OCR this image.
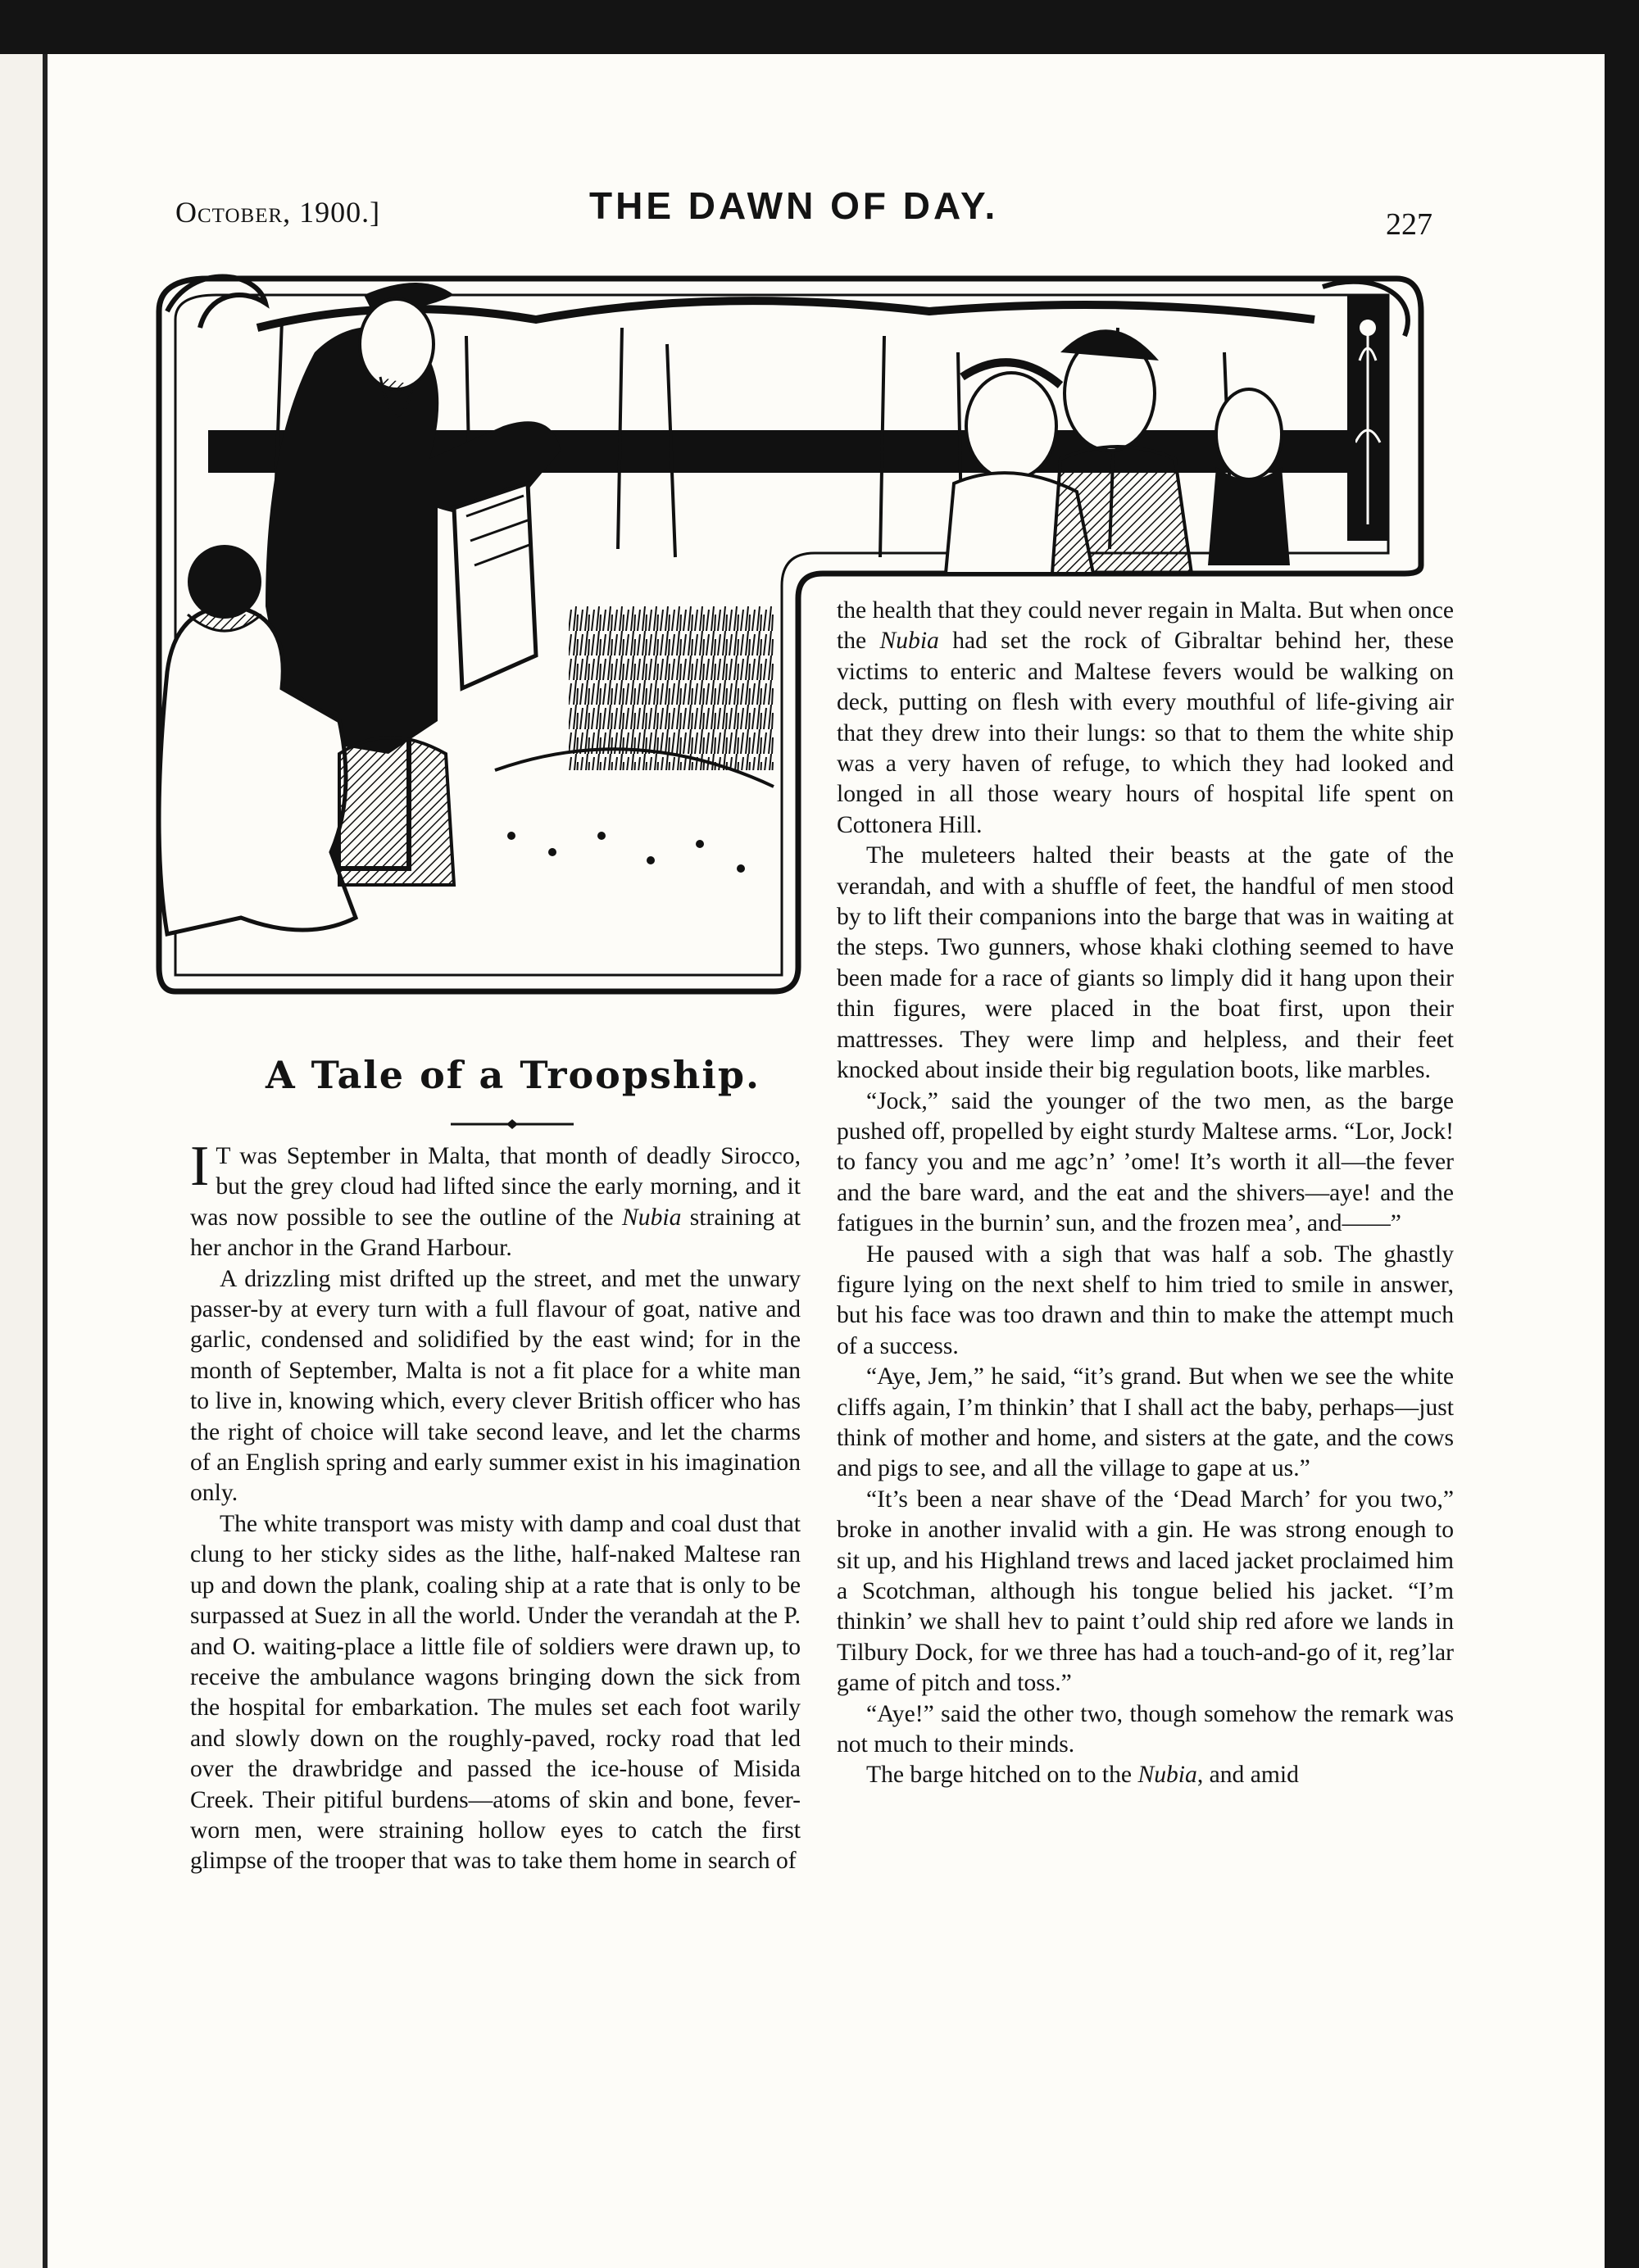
October, 1900.]	THE DAWN OF DAY.	227
A Tale of a Troopship.

I T was September in Malta, that month of deadly Sirocco, but the grey cloud had lifted since the early morning, and it was now possible to see the outline of the Nubia straining at her anchor in the Grand Harbour.

A drizzling mist drifted up the street, and met the unwary passer-by at every turn with a full flavour of goat, native and garlic, condensed and solidified by the east wind; for in the month of September, Malta is not a fit place for a white man to live in, knowing which, every clever British officer who has the right of choice will take second leave, and let the charms of an English spring and early summer exist in his imagination only.

The white transport was misty with damp and coal dust that clung to her sticky sides as the lithe, half-naked Maltese ran up and down the plank, coaling ship at a rate that is only to be surpassed at Suez in all the world. Under the verandah at the P. and O. waiting-place a little file of soldiers were drawn up, to receive the ambulance wagons bringing down the sick from the hospital for embarkation. The mules set each foot warily and slowly down on the roughly-paved, rocky road that led over the drawbridge and passed the ice-house of Misida Creek. Their pitiful burdens—atoms of skin and bone, fever-worn men, were straining hollow eyes to catch the first glimpse of the trooper that was to take them home in search of

the health that they could never regain in Malta. But when once the Nubia had set the rock of Gibraltar behind her, these victims to enteric and Maltese fevers would be walking on deck, putting on flesh with every mouthful of life-giving air that they drew into their lungs: so that to them the white ship was a very haven of refuge, to which they had looked and longed in all those weary hours of hospital life spent on Cottonera Hill.

The muleteers halted their beasts at the gate of the verandah, and with a shuffle of feet, the handful of men stood by to lift their companions into the barge that was in waiting at the steps. Two gunners, whose khaki clothing seemed to have been made for a race of giants so limply did it hang upon their thin figures, were placed in the boat first, upon their mattresses. They were limp and helpless, and their feet knocked about inside their big regulation boots, like marbles.

“Jock,” said the younger of the two men, as the barge pushed off, propelled by eight sturdy Maltese arms. “Lor, Jock! to fancy you and me agc’n’ ’ome! It’s worth it all—the fever and the bare ward, and the eat and the shivers—aye! and the fatigues in the burnin’ sun, and the frozen mea’, and——”

He paused with a sigh that was half a sob. The ghastly figure lying on the next shelf to him tried to smile in answer, but his face was too drawn and thin to make the attempt much of a success.

“Aye, Jem,” he said, “it’s grand. But when we see the white cliffs again, I’m thinkin’ that I shall act the baby, perhaps—just think of mother and home, and sisters at the gate, and the cows and pigs to see, and all the village to gape at us.”

“It’s been a near shave of the ‘Dead March’ for you two,” broke in another invalid with a gin. He was strong enough to sit up, and his Highland trews and laced jacket proclaimed him a Scotchman, although his tongue belied his jacket. “I’m thinkin’ we shall hev to paint t’ould ship red afore we lands in Tilbury Dock, for we three has had a touch-and-go of it, reg’lar game of pitch and toss.”

“Aye!” said the other two, though somehow the remark was not much to their minds.

The barge hitched on to the Nubia, and amid
